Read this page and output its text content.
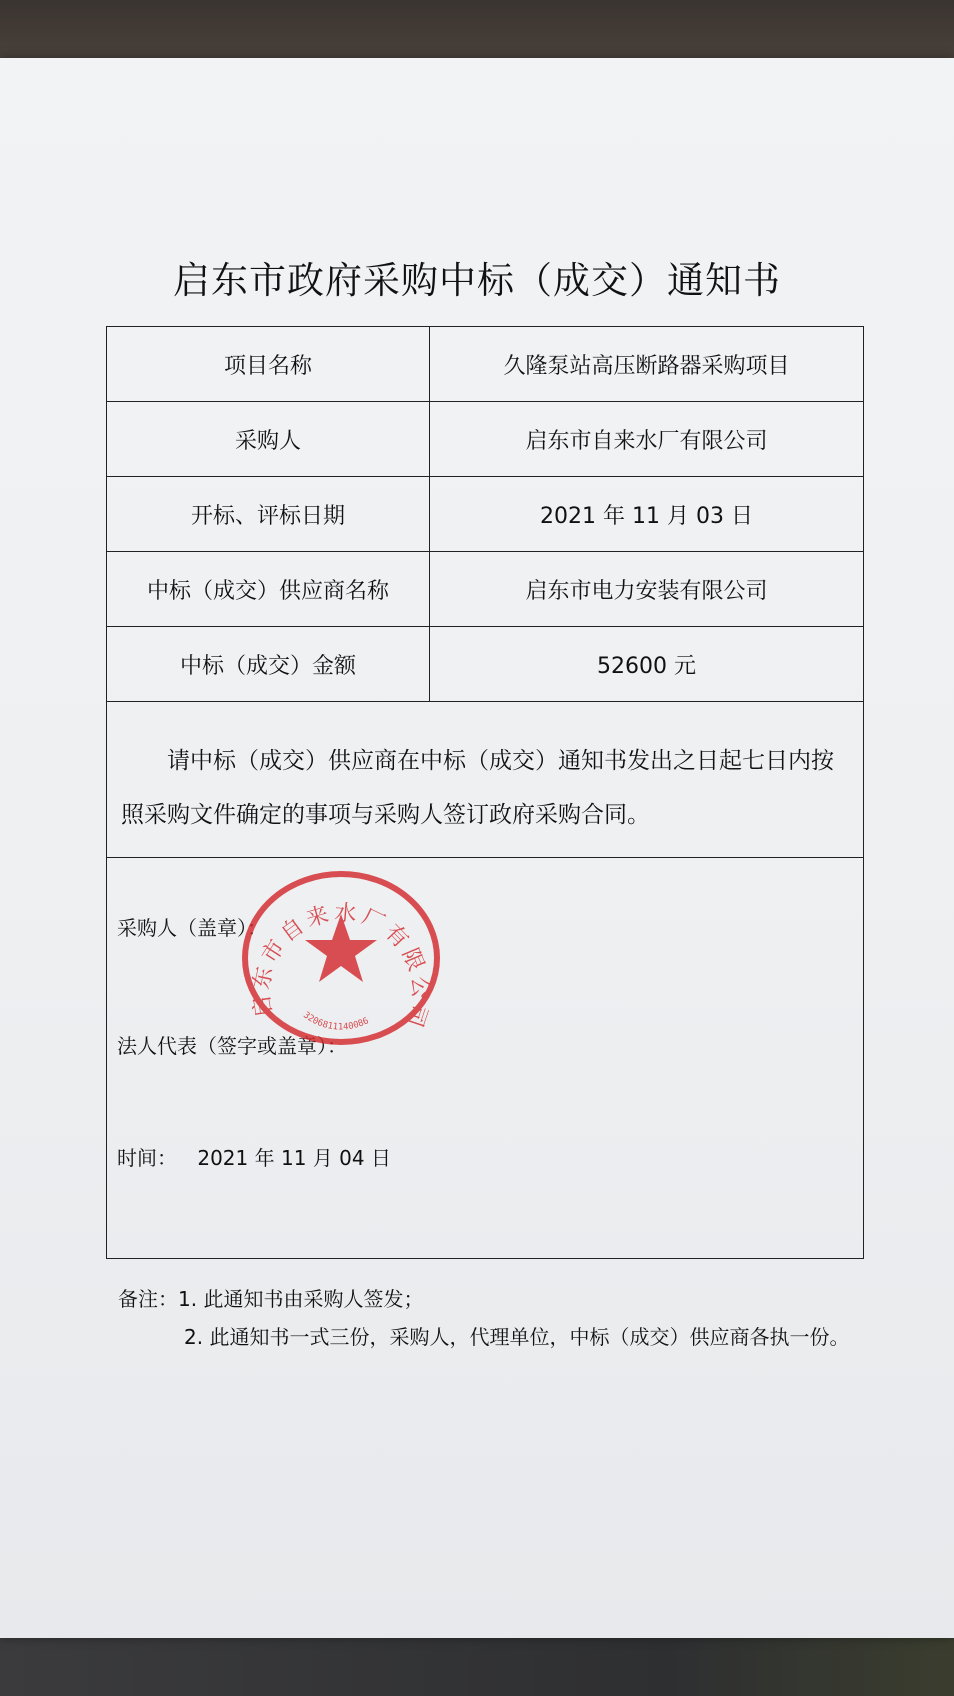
启东市政府采购中标（成交）通知书
项目名称	久隆泵站高压断路器采购项目
采购人	启东市自来水厂有限公司
开标、评标日期	2021 年 11 月 03 日
中标（成交）供应商名称	启东市电力安装有限公司
中标（成交）金额	52600 元
请中标（成交）供应商在中标（成交）通知书发出之日起七日内按照采购文件确定的事项与采购人签订政府采购合同。
采购人（盖章）：
法人代表（签字或盖章）：
时间： 2021 年 11 月 04 日
启东市自来水厂有限公司
3206811140086
备注：1. 此通知书由采购人签发；
2. 此通知书一式三份，采购人，代理单位，中标（成交）供应商各执一份。
